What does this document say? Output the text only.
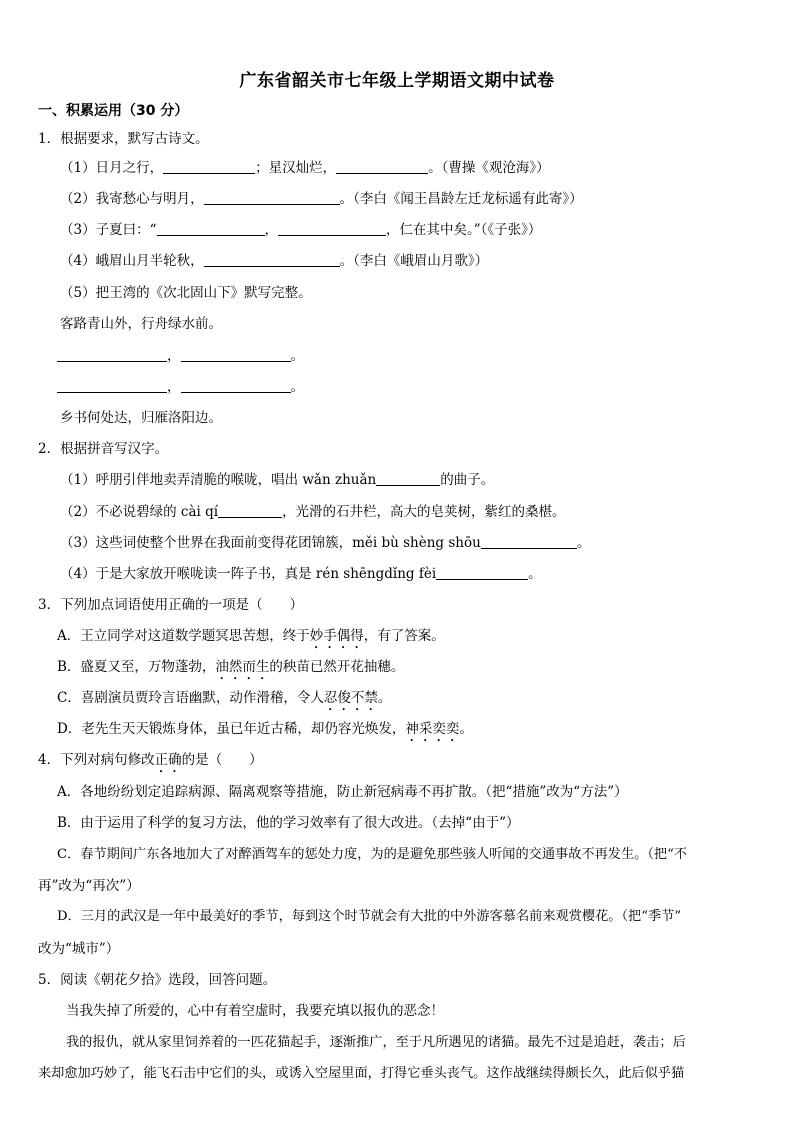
广东省韶关市七年级上学期语文期中试卷
一、积累运用（30 分）
1．根据要求，默写古诗文。
（1）日月之行，	；星汉灿烂，	。（曹操《观沧海》）
（2）我寄愁心与明月，	。（李白《闻王昌龄左迁龙标遥有此寄》）
（3）子夏曰：“	，	，仁在其中矣。”（《子张》）
（4）峨眉山月半轮秋，	。（李白《峨眉山月歌》）
（5）把王湾的《次北固山下》默写完整。
客路青山外，行舟绿水前。
，	。
，	。
乡书何处达，归雁洛阳边。
2．根据拼音写汉字。
（1）呼朋引伴地卖弄清脆的喉咙，唱出 wǎn zhuǎn	的曲子。
（2）不必说碧绿的 cài qí	，光滑的石井栏，高大的皂荚树，紫红的桑椹。
（3）这些词使整个世界在我面前变得花团锦簇，měi bù shèng shōu	。
（4）于是大家放开喉咙读一阵子书，真是 rén shēngdǐng fèi	。
3．下列加点词语使用正确的一项是（　　）
A．王立同学对这道数学题冥思苦想，终于妙手偶得，有了答案。
B．盛夏又至，万物蓬勃，油然而生的秧苗已然开花抽穗。
C．喜剧演员贾玲言语幽默，动作滑稽，令人忍俊不禁。
D．老先生天天锻炼身体，虽已年近古稀，却仍容光焕发，神采奕奕。
4．下列对病句修改正确的是（　　）
A．各地纷纷划定追踪病源、隔离观察等措施，防止新冠病毒不再扩散。（把“措施”改为“方法”）
B．由于运用了科学的复习方法，他的学习效率有了很大改进。（去掉“由于”）
C．春节期间广东各地加大了对醉酒驾车的惩处力度，为的是避免那些骇人听闻的交通事故不再发生。（把“不
再”改为“再次”）
D．三月的武汉是一年中最美好的季节，每到这个时节就会有大批的中外游客慕名前来观赏樱花。（把“季节”
改为“城市”）
5．阅读《朝花夕拾》选段，回答问题。
当我失掉了所爱的，心中有着空虚时，我要充填以报仇的恶念！
我的报仇，就从家里饲养着的一匹花猫起手，逐渐推广，至于凡所遇见的诸猫。最先不过是追赶，袭击；后
来却愈加巧妙了，能飞石击中它们的头，或诱入空屋里面，打得它垂头丧气。这作战继续得颇长久，此后似乎猫
